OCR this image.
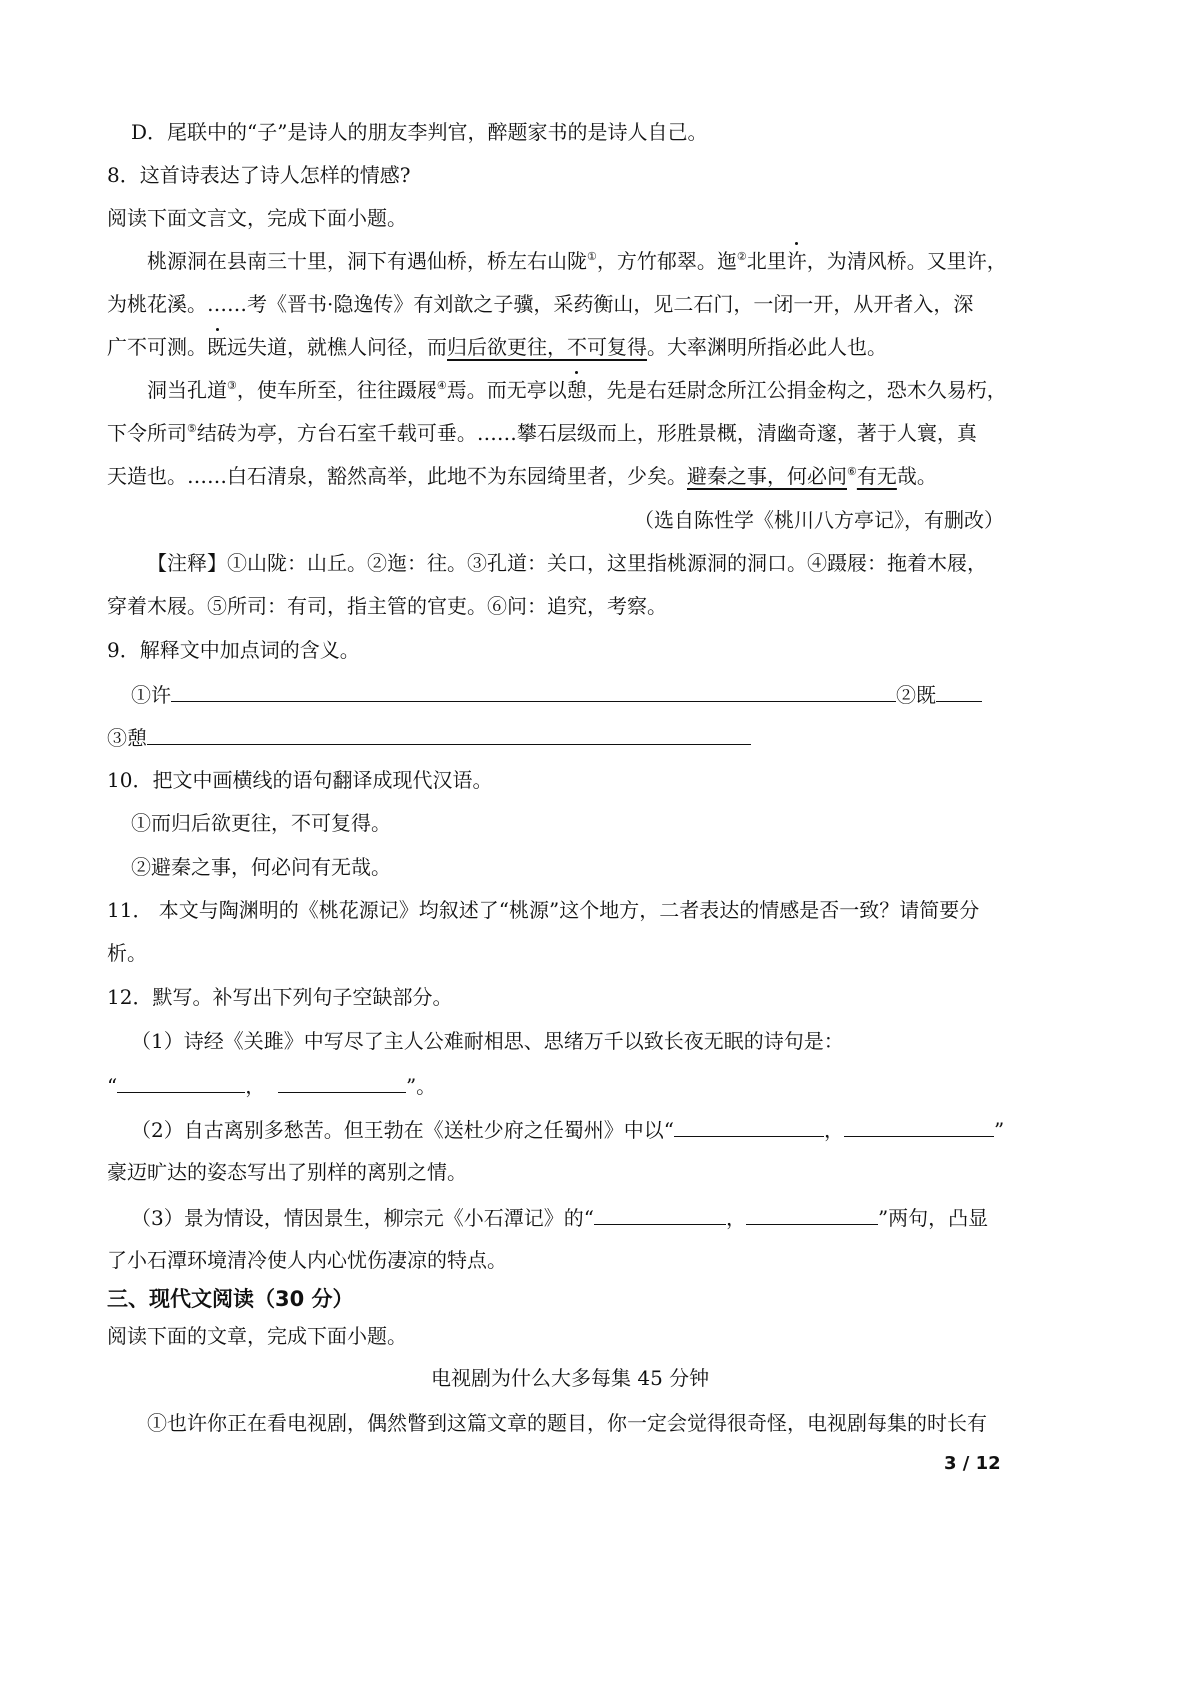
D．尾联中的“子”是诗人的朋友李判官，醉题家书的是诗人自己。
8．这首诗表达了诗人怎样的情感?
阅读下面文言文，完成下面小题。
桃源洞在县南三十里，洞下有遇仙桥，桥左右山陇①，方竹郁翠。迤②北里许，为清风桥。又里许，
为桃花溪。……考《晋书·隐逸传》有刘歆之子骥，采药衡山，见二石门，一闭一开，从开者入，深
广不可测。既远失道，就樵人问径，而归后欲更往，不可复得。大率渊明所指必此人也。
洞当孔道③，使车所至，往往蹑屐④焉。而无亭以憩，先是右廷尉念所江公捐金构之，恐木久易朽，
下令所司⑤结砖为亭，方台石室千载可垂。……攀石层级而上，形胜景概，清幽奇邃，著于人寰，真
天造也。……白石清泉，豁然高举，此地不为东园绮里者，少矣。避秦之事，何必问⑥有无哉。
（选自陈性学《桃川八方亭记》，有删改）
【注释】①山陇：山丘。②迤：往。③孔道：关口，这里指桃源洞的洞口。④蹑屐：拖着木屐，
穿着木屐。⑤所司：有司，指主管的官吏。⑥问：追究，考察。
9．解释文中加点词的含义。
①许	②既
③憩
10．把文中画横线的语句翻译成现代汉语。
①而归后欲更往，不可复得。
②避秦之事，何必问有无哉。
11． 本文与陶渊明的《桃花源记》均叙述了“桃源”这个地方，二者表达的情感是否一致？请简要分
析。
12．默写。补写出下列句子空缺部分。
（1）诗经《关雎》中写尽了主人公难耐相思、思绪万千以致长夜无眠的诗句是：
“	，	”。
（2）自古离别多愁苦。但王勃在《送杜少府之任蜀州》中以“	，	”
豪迈旷达的姿态写出了别样的离别之情。
（3）景为情设，情因景生，柳宗元《小石潭记》的“	，	”两句，凸显
了小石潭环境清冷使人内心忧伤凄凉的特点。
三、现代文阅读（30 分）
阅读下面的文章，完成下面小题。
电视剧为什么大多每集 45 分钟
①也许你正在看电视剧，偶然瞥到这篇文章的题目，你一定会觉得很奇怪，电视剧每集的时长有
3 / 12
